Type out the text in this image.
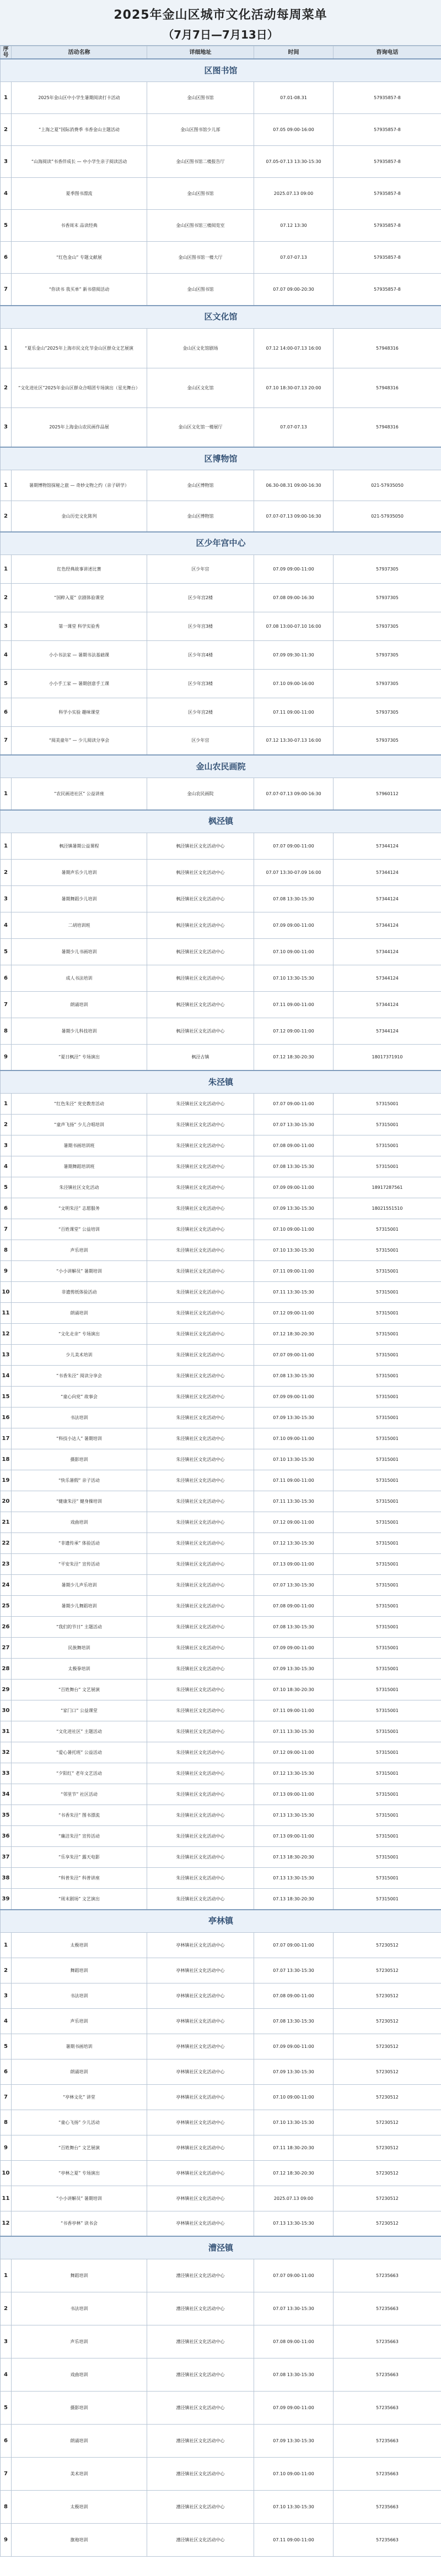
2025年金山区城市文化活动每周菜单
（7月7日—7月13日）
序号	活动名称	详细地址	时间	咨询电话
区图书馆				
1	2025年金山区中小学生暑期阅读打卡活动	金山区图书馆	07.01-08.31	57935857-8
2	“上海之夏”国际消费季 书香金山主题活动	金山区图书馆少儿部	07.05 09:00-16:00	57935857-8
3	“山海阅读”书香伴成长 — 中小学生亲子阅读活动	金山区图书馆二楼报告厅	07.05-07.13 13:30-15:30	57935857-8
4	夏季图书漂流	金山区图书馆	2025.07.13 09:00	57935857-8
5	书香周末 品读经典	金山区图书馆三楼阅览室	07.12 13:30	57935857-8
6	“红色金山” 专题文献展	金山区图书馆一楼大厅	07.07-07.13	57935857-8
7	“你读书 我买单” 新书借阅活动	金山区图书馆	07.07 09:00-20:30	57935857-8
区文化馆				
1	“夏乐金山”2025年上海市民文化节金山区群众文艺展演	金山区文化馆剧场	07.12 14:00-07.13 16:00	57948316
2	“文化进社区”2025年金山区群众合唱团专场演出（星光舞台）	金山区文化馆	07.10 18:30-07.13 20:00	57948316
3	2025年上海金山农民画作品展	金山区文化馆一楼展厅	07.07-07.13	57948316
区博物馆				
1	暑期博物馆探秘之旅 — 奇妙文物之约（亲子研学）	金山区博物馆	06.30-08.31 09:00-16:30	021-57935050
2	金山历史文化陈列	金山区博物馆	07.07-07.13 09:00-16:30	021-57935050
区少年宫中心				
1	红色经典故事讲述比赛	区少年宫	07.09 09:00-11:00	57937305
2	“国粹入夏” 京剧体验课堂	区少年宫2楼	07.08 09:00-16:30	57937305
3	第一课堂 科学实验秀	区少年宫3楼	07.08 13:00-07.10 16:00	57937305
4	小小书法家 — 暑期书法基础课	区少年宫4楼	07.09 09:30-11:30	57937305
5	小小手工家 — 暑期创意手工课	区少年宫3楼	07.10 09:00-16:00	57937305
6	科学小实验 趣味课堂	区少年宫2楼	07.11 09:00-11:00	57937305
7	“阅美童年” — 少儿阅读分享会	区少年宫	07.12 13:30-07.13 16:00	57937305
金山农民画院				
1	“农民画进社区” 公益讲座	金山农民画院	07.07-07.13 09:00-16:30	57960112
枫泾镇				
1	枫泾镇暑期公益课程	枫泾镇社区文化活动中心	07.07 09:00-11:00	57344124
2	暑期声乐少儿培训	枫泾镇社区文化活动中心	07.07 13:30-07.09 16:00	57344124
3	暑期舞蹈少儿培训	枫泾镇社区文化活动中心	07.08 13:30-15:30	57344124
4	二胡培训班	枫泾镇社区文化活动中心	07.09 09:00-11:00	57344124
5	暑期少儿书画培训	枫泾镇社区文化活动中心	07.10 09:00-11:00	57344124
6	成人书法培训	枫泾镇社区文化活动中心	07.10 13:30-15:30	57344124
7	朗诵培训	枫泾镇社区文化活动中心	07.11 09:00-11:00	57344124
8	暑期少儿科技培训	枫泾镇社区文化活动中心	07.12 09:00-11:00	57344124
9	“夏日枫泾” 专场演出	枫泾古镇	07.12 18:30-20:30	18017371910
朱泾镇				
1	“红色朱泾” 党史教育活动	朱泾镇社区文化活动中心	07.07 09:00-11:00	57315001
2	“童声飞扬” 少儿合唱培训	朱泾镇社区文化活动中心	07.07 13:30-15:30	57315001
3	暑期书画培训班	朱泾镇社区文化活动中心	07.08 09:00-11:00	57315001
4	暑期舞蹈培训班	朱泾镇社区文化活动中心	07.08 13:30-15:30	57315001
5	朱泾镇社区文化活动	朱泾镇社区文化活动中心	07.09 09:00-11:00	18917287561
6	“文明朱泾” 志愿服务	朱泾镇社区文化活动中心	07.09 13:30-15:30	18021551510
7	“百姓课堂” 公益培训	朱泾镇社区文化活动中心	07.10 09:00-11:00	57315001
8	声乐培训	朱泾镇社区文化活动中心	07.10 13:30-15:30	57315001
9	“小小讲解员” 暑期培训	朱泾镇社区文化活动中心	07.11 09:00-11:00	57315001
10	非遗剪纸体验活动	朱泾镇社区文化活动中心	07.11 13:30-15:30	57315001
11	朗诵培训	朱泾镇社区文化活动中心	07.12 09:00-11:00	57315001
12	“文化走亲” 专场演出	朱泾镇社区文化活动中心	07.12 18:30-20:30	57315001
13	少儿美术培训	朱泾镇社区文化活动中心	07.07 09:00-11:00	57315001
14	“书香朱泾” 阅读分享会	朱泾镇社区文化活动中心	07.08 13:30-15:30	57315001
15	“童心向党” 故事会	朱泾镇社区文化活动中心	07.09 09:00-11:00	57315001
16	书法培训	朱泾镇社区文化活动中心	07.09 13:30-15:30	57315001
17	“科技小达人” 暑期培训	朱泾镇社区文化活动中心	07.10 09:00-11:00	57315001
18	摄影培训	朱泾镇社区文化活动中心	07.10 13:30-15:30	57315001
19	“快乐暑假” 亲子活动	朱泾镇社区文化活动中心	07.11 09:00-11:00	57315001
20	“健康朱泾” 健身操培训	朱泾镇社区文化活动中心	07.11 13:30-15:30	57315001
21	戏曲培训	朱泾镇社区文化活动中心	07.12 09:00-11:00	57315001
22	“非遗传承” 体验活动	朱泾镇社区文化活动中心	07.12 13:30-15:30	57315001
23	“平安朱泾” 宣传活动	朱泾镇社区文化活动中心	07.13 09:00-11:00	57315001
24	暑期少儿声乐培训	朱泾镇社区文化活动中心	07.07 13:30-15:30	57315001
25	暑期少儿舞蹈培训	朱泾镇社区文化活动中心	07.08 09:00-11:00	57315001
26	“我们的节日” 主题活动	朱泾镇社区文化活动中心	07.08 13:30-15:30	57315001
27	民族舞培训	朱泾镇社区文化活动中心	07.09 09:00-11:00	57315001
28	太极拳培训	朱泾镇社区文化活动中心	07.09 13:30-15:30	57315001
29	“百姓舞台” 文艺展演	朱泾镇社区文化活动中心	07.10 18:30-20:30	57315001
30	“家门口” 公益课堂	朱泾镇社区文化活动中心	07.11 09:00-11:00	57315001
31	“文化进社区” 主题活动	朱泾镇社区文化活动中心	07.11 13:30-15:30	57315001
32	“爱心暑托班” 公益活动	朱泾镇社区文化活动中心	07.12 09:00-11:00	57315001
33	“夕阳红” 老年文艺活动	朱泾镇社区文化活动中心	07.12 13:30-15:30	57315001
34	“邻里节” 社区活动	朱泾镇社区文化活动中心	07.13 09:00-11:00	57315001
35	“书香朱泾” 图书漂流	朱泾镇社区文化活动中心	07.13 13:30-15:30	57315001
36	“廉洁朱泾” 宣传活动	朱泾镇社区文化活动中心	07.13 09:00-11:00	57315001
37	“乐享朱泾” 露天电影	朱泾镇社区文化活动中心	07.13 18:30-20:30	57315001
38	“科普朱泾” 科普讲座	朱泾镇社区文化活动中心	07.13 13:30-15:30	57315001
39	“周末剧场” 文艺演出	朱泾镇社区文化活动中心	07.13 18:30-20:30	57315001
亭林镇				
1	太极培训	亭林镇社区文化活动中心	07.07 09:00-11:00	57230512
2	舞蹈培训	亭林镇社区文化活动中心	07.07 13:30-15:30	57230512
3	书法培训	亭林镇社区文化活动中心	07.08 09:00-11:00	57230512
4	声乐培训	亭林镇社区文化活动中心	07.08 13:30-15:30	57230512
5	暑期书画培训	亭林镇社区文化活动中心	07.09 09:00-11:00	57230512
6	朗诵培训	亭林镇社区文化活动中心	07.09 13:30-15:30	57230512
7	“亭林文化” 讲堂	亭林镇社区文化活动中心	07.10 09:00-11:00	57230512
8	“童心飞扬” 少儿活动	亭林镇社区文化活动中心	07.10 13:30-15:30	57230512
9	“百姓舞台” 文艺展演	亭林镇社区文化活动中心	07.11 18:30-20:30	57230512
10	“亭林之夏” 专场演出	亭林镇社区文化活动中心	07.12 18:30-20:30	57230512
11	“小小讲解员” 暑期培训	亭林镇社区文化活动中心	2025.07.13 09:00	57230512
12	“书香亭林” 读书会	亭林镇社区文化活动中心	07.13 13:30-15:30	57230512
漕泾镇				
1	舞蹈培训	漕泾镇社区文化活动中心	07.07 09:00-11:00	57235663
2	书法培训	漕泾镇社区文化活动中心	07.07 13:30-15:30	57235663
3	声乐培训	漕泾镇社区文化活动中心	07.08 09:00-11:00	57235663
4	戏曲培训	漕泾镇社区文化活动中心	07.08 13:30-15:30	57235663
5	摄影培训	漕泾镇社区文化活动中心	07.09 09:00-11:00	57235663
6	朗诵培训	漕泾镇社区文化活动中心	07.09 13:30-15:30	57235663
7	美术培训	漕泾镇社区文化活动中心	07.10 09:00-11:00	57235663
8	太极培训	漕泾镇社区文化活动中心	07.10 13:30-15:30	57235663
9	旗袍培训	漕泾镇社区文化活动中心	07.11 09:00-11:00	57235663
